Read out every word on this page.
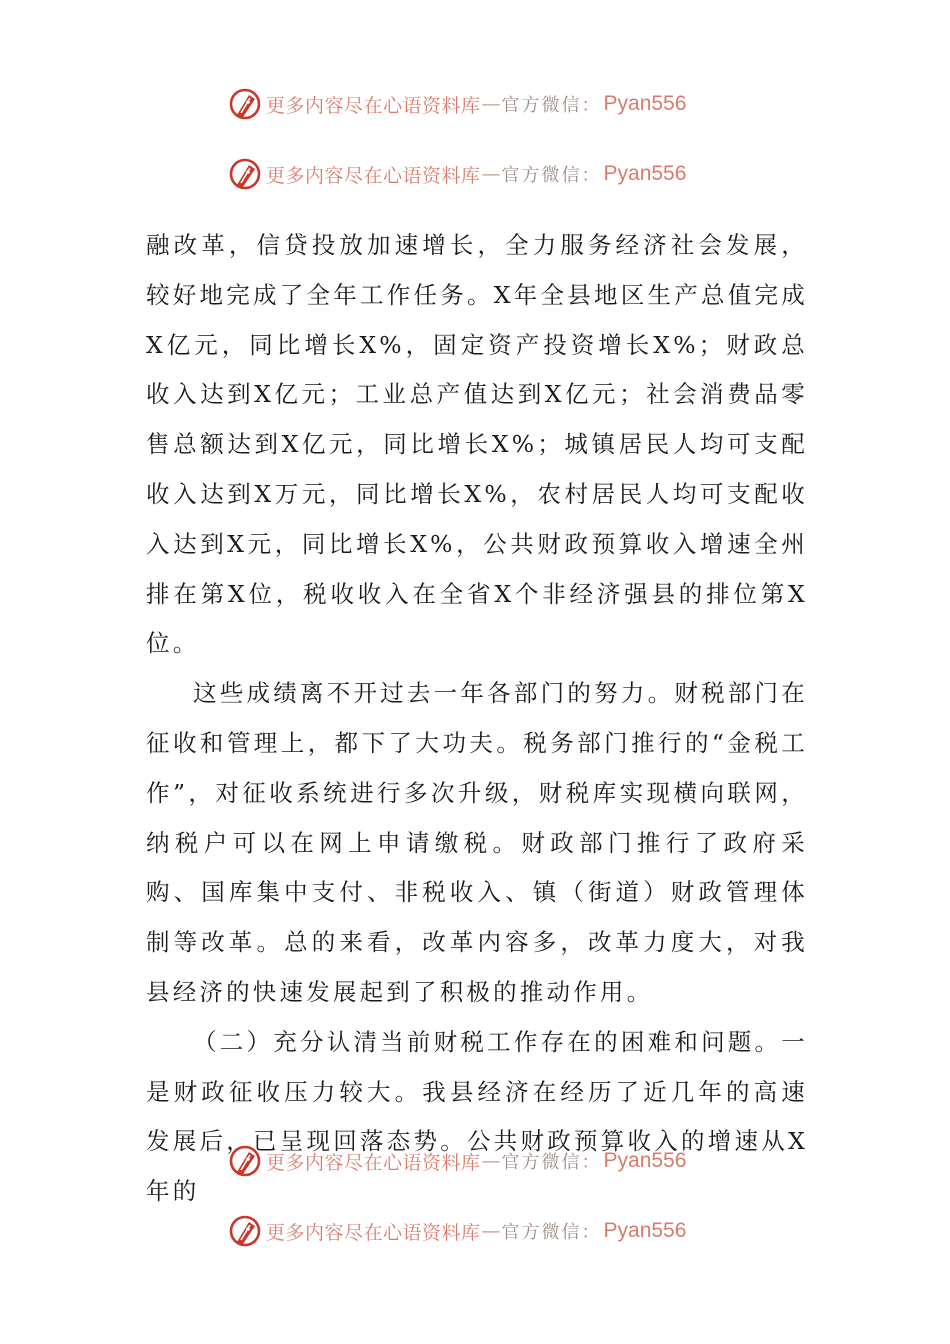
更多内容尽在心语资料库 — 官方微信： Pyan556
更多内容尽在心语资料库 — 官方微信： Pyan556

融改革，信贷投放加速增长，全力服务经济社会发展，较好地完成了全年工作任务。X年全县地区生产总值完成X亿元，同比增长X%，固定资产投资增长X%；财政总收入达到X亿元；工业总产值达到X亿元；社会消费品零售总额达到X亿元，同比增长X%；城镇居民人均可支配收入达到X万元，同比增长X%，农村居民人均可支配收入达到X元，同比增长X%，公共财政预算收入增速全州排在第X位，税收收入在全省X个非经济强县的排位第X位。

这些成绩离不开过去一年各部门的努力。财税部门在征收和管理上，都下了大功夫。税务部门推行的“金税工作”，对征收系统进行多次升级，财税库实现横向联网，纳税户可以在网上申请缴税。财政部门推行了政府采购、国库集中支付、非税收入、镇（街道）财政管理体制等改革。总的来看，改革内容多，改革力度大，对我县经济的快速发展起到了积极的推动作用。

（二）充分认清当前财税工作存在的困难和问题。一是财政征收压力较大。我县经济在经历了近几年的高速发展后，已呈现回落态势。公共财政预算收入的增速从X年的

更多内容尽在心语资料库 — 官方微信： Pyan556
更多内容尽在心语资料库 — 官方微信： Pyan556
